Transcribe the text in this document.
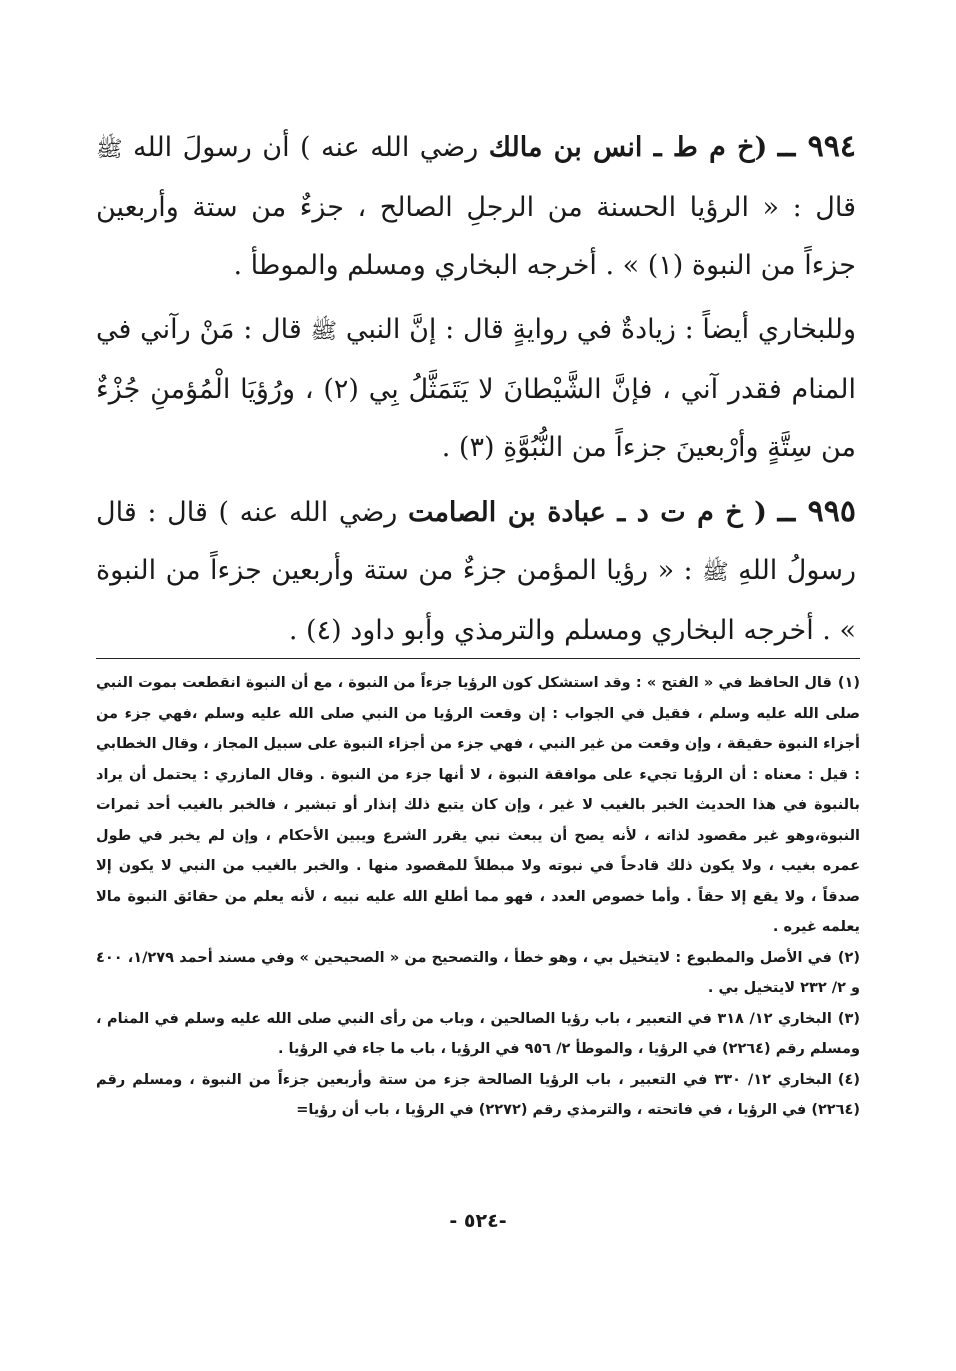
٩٩٤ ــ (خ م ط ـ انس بن مالك رضي الله عنه ) أن رسولَ الله ﷺ قال : « الرؤيا الحسنة من الرجلِ الصالح ، جزءٌ من ستة وأربعين جزءاً من النبوة (١) » . أخرجه البخاري ومسلم والموطأ .

وللبخاري أيضاً : زيادةٌ في روايةٍ قال : إنَّ النبي ﷺ قال : مَنْ رآني في المنام فقدر آني ، فإنَّ الشَّيْطانَ لا يَتَمَثَّلُ بِي (٢) ، ورُؤيَا الْمُؤمنِ جُزْءٌ من سِتَّةٍ وأرْبعينَ جزءاً من النُّبُوَّةِ (٣) .

٩٩٥ ــ ( خ م ت د ـ عبادة بن الصامت رضي الله عنه ) قال : قال رسولُ اللهِ ﷺ : « رؤيا المؤمن جزءٌ من ستة وأربعين جزءاً من النبوة » . أخرجه البخاري ومسلم والترمذي وأبو داود (٤) .

(١)قال الحافظ في « الفتح » : وقد استشكل كون الرؤيا جزءاً من النبوة ، مع أن النبوة انقطعت بموت النبي صلى الله عليه وسلم ، فقيل في الجواب : إن وقعت الرؤيا من النبي صلى الله عليه وسلم ،فهي جزء من أجزاء النبوة حقيقة ، وإن وقعت من غير النبي ، فهي جزء من أجزاء النبوة على سبيل المجاز ، وقال الخطابي : قيل : معناه : أن الرؤيا تجيء على موافقة النبوة ، لا أنها جزء من النبوة . وقال المازري : يحتمل أن يراد بالنبوة في هذا الحديث الخبر بالغيب لا غير ، وإن كان يتبع ذلك إنذار أو تبشير ، فالخبر بالغيب أحد ثمرات النبوة،وهو غير مقصود لذاته ، لأنه يصح أن يبعث نبي يقرر الشرع ويبين الأحكام ، وإن لم يخبر في طول عمره بغيب ، ولا يكون ذلك قادحاً في نبوته ولا مبطلاً للمقصود منها . والخبر بالغيب من النبي لا يكون إلا صدقاً ، ولا يقع إلا حقاً . وأما خصوص العدد ، فهو مما أطلع الله عليه نبيه ، لأنه يعلم من حقائق النبوة مالا يعلمه غيره .

(٢)في الأصل والمطبوع : لايتخيل بي ، وهو خطأ ، والتصحيح من « الصحيحين » وفي مسند أحمد ١/٢٧٩، ٤٠٠ و ٢/ ٢٣٢ لايتخيل بي .

(٣)البخاري ١٢/ ٣١٨ في التعبير ، باب رؤيا الصالحين ، وباب من رأى النبي صلى الله عليه وسلم في المنام ، ومسلم رقم (٢٢٦٤) في الرؤيا ، والموطأ ٢/ ٩٥٦ في الرؤيا ، باب ما جاء في الرؤيا .

(٤)البخاري ١٢/ ٣٣٠ في التعبير ، باب الرؤيا الصالحة جزء من ستة وأربعين جزءاً من النبوة ، ومسلم رقم (٢٢٦٤) في الرؤيا ، في فاتحته ، والترمذي رقم (٢٢٧٢) في الرؤيا ، باب أن رؤيا=

-٥٢٤ -
